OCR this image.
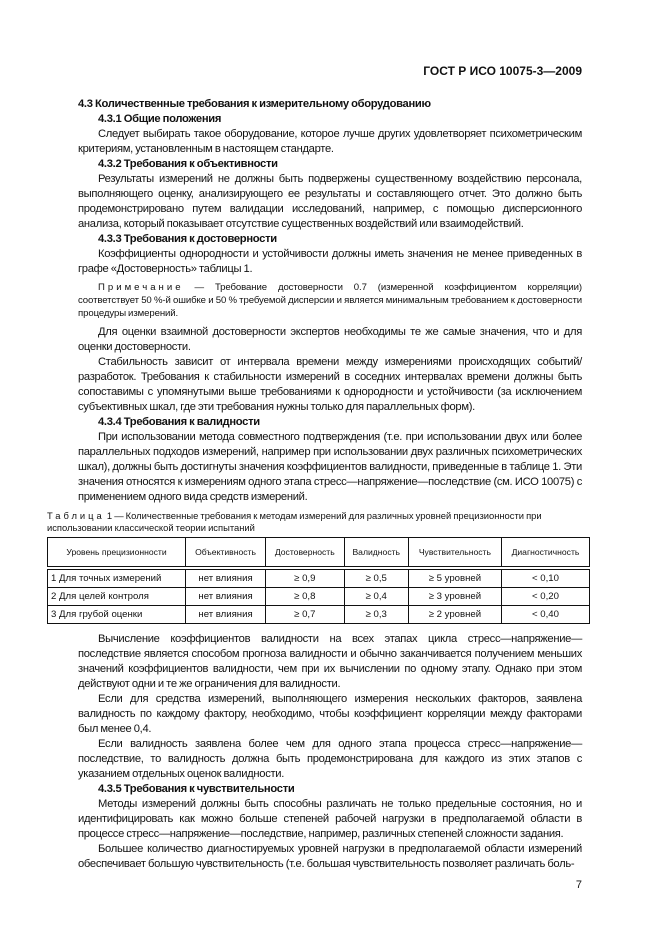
ГОСТ Р ИСО 10075-3—2009
4.3 Количественные требования к измерительному оборудованию
4.3.1 Общие положения

Следует выбирать такое оборудование, которое лучше других удовлетворяет психометрическим критериям, установленным в настоящем стандарте.

4.3.2 Требования к объективности

Результаты измерений не должны быть подвержены существенному воздействию персонала, выполняющего оценку, анализирующего ее результаты и составляющего отчет. Это должно быть продемонстрировано путем валидации исследований, например, с помощью дисперсионного анализа, который показывает отсутствие существенных воздействий или взаимодействий.

4.3.3 Требования к достоверности

Коэффициенты однородности и устойчивости должны иметь значения не менее приведенных в графе «Достоверность» таблицы 1.

Примечание — Требование достоверности 0.7 (измеренной коэффициентом корреляции) соответствует 50 %-й ошибке и 50 % требуемой дисперсии и является минимальным требованием к достоверности процедуры измерений.

Для оценки взаимной достоверности экспертов необходимы те же самые значения, что и для оценки достоверности.

Стабильность зависит от интервала времени между измерениями происходящих событий/разработок. Требования к стабильности измерений в соседних интервалах времени должны быть сопоставимы с упомянутыми выше требованиями к однородности и устойчивости (за исключением субъективных шкал, где эти требования нужны только для параллельных форм).

4.3.4 Требования к валидности

При использовании метода совместного подтверждения (т.е. при использовании двух или более параллельных подходов измерений, например при использовании двух различных психометрических шкал), должны быть достигнуты значения коэффициентов валидности, приведенные в таблице 1. Эти значения относятся к измерениям одного этапа стресс—напряжение—последствие (см. ИСО 10075) с применением одного вида средств измерений.

Таблица 1 — Количественные требования к методам измерений для различных уровней прецизионности при использовании классической теории испытаний
Уровень прецизионности	Объективность	Достоверность	Валидность	Чувствительность	Диагностичность

1 Для точных измерений	нет влияния	≥ 0,9	≥ 0,5	≥ 5 уровней	< 0,10
2 Для целей контроля	нет влияния	≥ 0,8	≥ 0,4	≥ 3 уровней	< 0,20
3 Для грубой оценки	нет влияния	≥ 0,7	≥ 0,3	≥ 2 уровней	< 0,40

Вычисление коэффициентов валидности на всех этапах цикла стресс—напряжение—последствие является способом прогноза валидности и обычно заканчивается получением меньших значений коэффициентов валидности, чем при их вычислении по одному этапу. Однако при этом действуют одни и те же ограничения для валидности.

Если для средства измерений, выполняющего измерения нескольких факторов, заявлена валидность по каждому фактору, необходимо, чтобы коэффициент корреляции между факторами был менее 0,4.

Если валидность заявлена более чем для одного этапа процесса стресс—напряжение—последствие, то валидность должна быть продемонстрирована для каждого из этих этапов с указанием отдельных оценок валидности.

4.3.5 Требования к чувствительности

Методы измерений должны быть способны различать не только предельные состояния, но и идентифицировать как можно больше степеней рабочей нагрузки в предполагаемой области в процессе стресс—напряжение—последствие, например, различных степеней сложности задания.

Большее количество диагностируемых уровней нагрузки в предполагаемой области измерений обеспечивает большую чувствительность (т.е. большая чувствительность позволяет различать боль-

7
